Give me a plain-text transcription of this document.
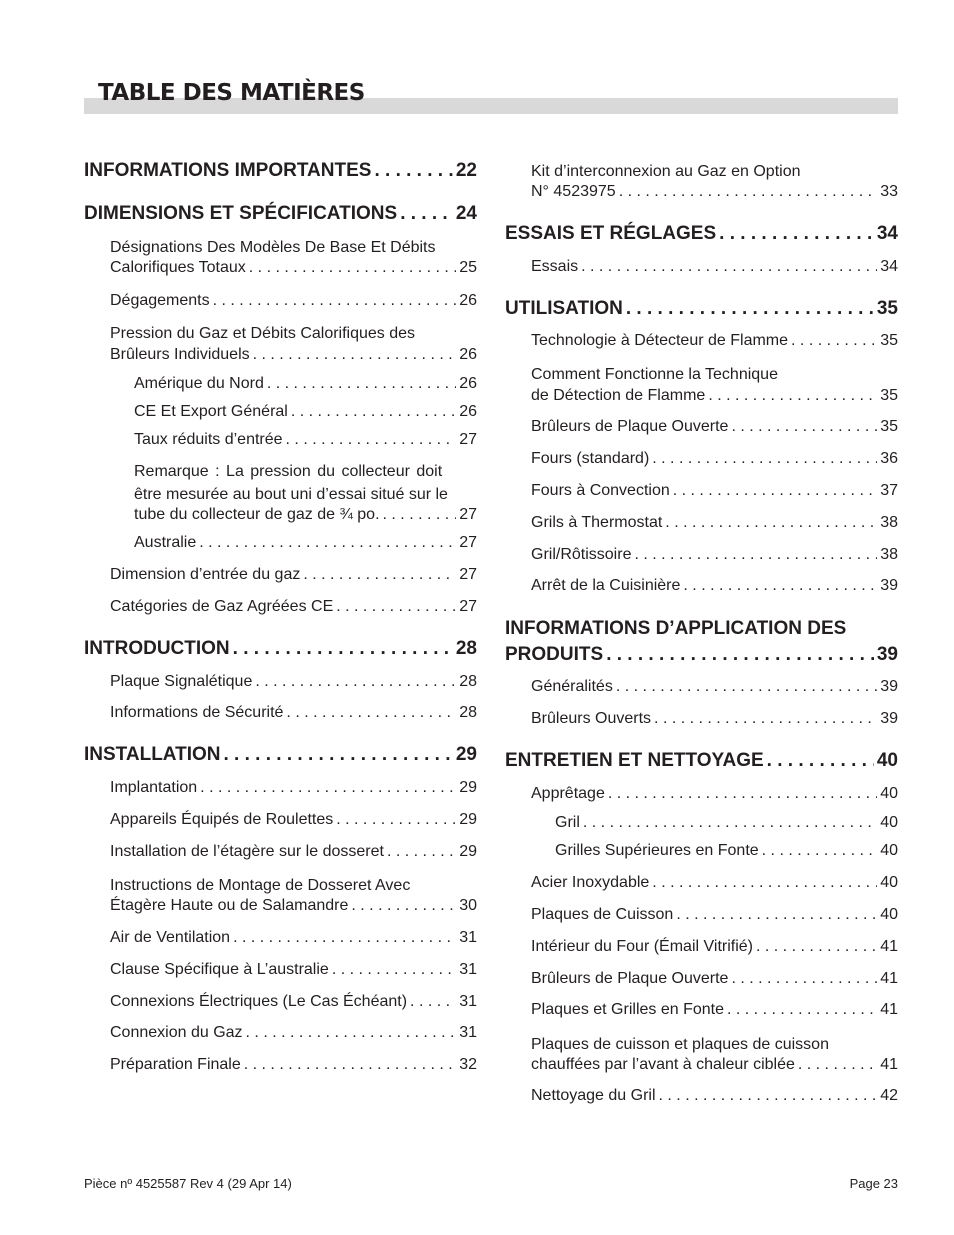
TABLE DES MATIÈRES
INFORMATIONS IMPORTANTES . . .	22
DIMENSIONS ET SPÉCIFICATIONS . . .	24
Désignations Des Modèles De Base Et Débits
Calorifiques Totaux . . .	25
Dégagements . . .	26
Pression du Gaz et Débits Calorifiques des
Brûleurs Individuels . . .	26
Amérique du Nord . . .	26
CE Et Export Général . . .	26
Taux réduits d’entrée . . .	27
Remarque : La pression du collecteur doit
être mesurée au bout uni d’essai situé sur le
tube du collecteur de gaz de ¾ po. . . .	27
Australie . . .	27
Dimension d’entrée du gaz . . .	27
Catégories de Gaz Agréées CE . . .	27
INTRODUCTION . . .	28
Plaque Signalétique . . .	28
Informations de Sécurité . . .	28
INSTALLATION . . .	29
Implantation . . .	29
Appareils Équipés de Roulettes . . .	29
Installation de l’étagère sur le dosseret . . .	29
Instructions de Montage de Dosseret Avec
Étagère Haute ou de Salamandre . . .	30
Air de Ventilation . . .	31
Clause Spécifique à L’australie . . .	31
Connexions Électriques (Le Cas Échéant) . . .	31
Connexion du Gaz . . .	31
Préparation Finale . . .	32
Kit d’interconnexion au Gaz en Option
N° 4523975 . . .	33
ESSAIS ET RÉGLAGES . . .	34
Essais . . .	34
UTILISATION . . .	35
Technologie à Détecteur de Flamme . . .	35
Comment Fonctionne la Technique
de Détection de Flamme . . .	35
Brûleurs de Plaque Ouverte . . .	35
Fours (standard) . . .	36
Fours à Convection . . .	37
Grils à Thermostat . . .	38
Gril/Rôtissoire . . .	38
Arrêt de la Cuisinière . . .	39
INFORMATIONS D’APPLICATION DES
PRODUITS . . .	39
Généralités . . .	39
Brûleurs Ouverts . . .	39
ENTRETIEN ET NETTOYAGE . . .	40
Apprêtage . . .	40
Gril . . .	40
Grilles Supérieures en Fonte . . .	40
Acier Inoxydable . . .	40
Plaques de Cuisson . . .	40
Intérieur du Four (Émail Vitrifié) . . .	41
Brûleurs de Plaque Ouverte . . .	41
Plaques et Grilles en Fonte . . .	41
Plaques de cuisson et plaques de cuisson
chauffées par l’avant à chaleur ciblée . . .	41
Nettoyage du Gril . . .	42
Pièce nº 4525587 Rev 4 (29 Apr 14)	Page 23
